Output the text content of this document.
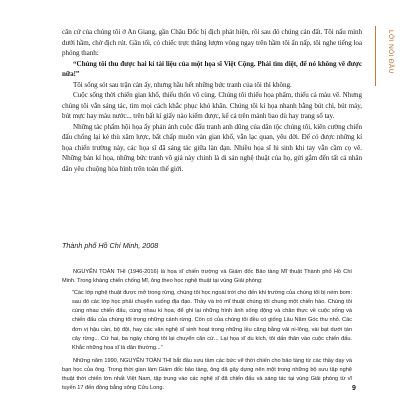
LỜI NÓI ĐẦU

căn cứ của chúng tôi ở An Giang, gần Châu Đốc bị địch phát hiện, rồi sau đó chúng cán đất. Tôi nấu mình dưới hầm, chờ địch rút. Gần tối, có chiếc trực thăng lượm vòng ngay trên hầm tôi ẩn nấp, tôi nghe tiếng loa phóng thanh:

“Chúng tôi thu được hai kí tài liệu của một họa sĩ Việt Cộng. Phải tìm diệt, để nó không vẽ được nữa!”

Tôi sống sót sau trận càn ấy, nhưng hầu hết những bức tranh của tôi thì không.

Cuộc sống thời chiến gian khổ, thiếu thốn vô cùng. Chúng tôi thiếu họa phẩm, thiếu cả màu vẽ. Nhưng chúng tôi vẫn sáng tác, tìm mọi cách khắc phục khó khăn. Chúng tôi kí họa nhanh bằng bút chì, bút máy, bút mực hay màu nước... trên bất kì giấy nào kiếm được, kể cả trên mảnh bao dù hay trang sổ tay.

Những tác phẩm hội họa ấy phản ánh cuộc đấu tranh anh dũng của dân tộc chúng tôi, kiên cường chiến đấu chống lại kẻ thù xâm lược, bất chấp muôn vàn gian khổ, vẫn lạc quan, yêu đời. Để có được những kí họa chiến trường này, các họa sĩ đã sáng tác giữa làn đạn. Nhiều họa sĩ hi sinh khi tay vẫn cầm cọ vẽ. Những bản kí họa, những bức tranh vô giá này chính là di sản nghệ thuật của họ, gửi gắm đến tất cả nhân dân yêu chuộng hòa bình trên toàn thế giới.

Thành phố Hồ Chí Minh, 2008

NGUYỄN TOÀN THI (1946-2016) là họa sĩ chiến trường và Giám đốc Bảo tàng Mĩ thuật Thành phố Hồ Chí Minh. Trong kháng chiến chống Mĩ, ông theo học nghệ thuật tại vùng Giải phóng:

“Các lớp nghệ thuật được mở trong rừng, chúng tôi học ngoài trời cho đến khi trường của chúng tôi bị ném bom: sau đó các lớp học phải chuyển xuống địa đạo. Thầy và trò mĩ thuật chúng tôi chung một chiến hào. Chúng tôi cùng nhau chiến đấu, cùng nhau kí họa, để ghi lại những hình ảnh sống động và chân thực về cuộc sống và chiến đấu của chúng tôi trong những cánh rừng. Còn có của chúng tôi đều có giống Lâu Năm Góc thu nhỏ. Các đơn vị hậu cần, bộ đội, hay các văn nghệ sĩ sinh hoạt trong những lều căng bằng vải ni-lông, vài bạt dưới tán cây rừng... Cứ hai, ba ngày chúng tôi lại chuyển căn cứ... Lại họa sĩ du kích, tôi dấn thân vào cuộc chiến đấu. Khắc những họa sĩ là dân thường...”

Những năm 1990, NGUYỄN TOÀN THI bắt đầu sưu tầm các bức vẽ thời chiến cho bảo tàng từ các thầy dạy và bạn học của ông. Trong thời gian làm Giám đốc bảo tàng, ông đã gây dựng nên một trong những bộ sưu tập nghệ thuật thời chiến lớn nhất Việt Nam, tập trung vào các nghệ sĩ đã chiến đấu và sáng tác tại vùng Giải phóng từ vĩ tuyến 17 đến đồng bằng sông Cửu Long.	9
